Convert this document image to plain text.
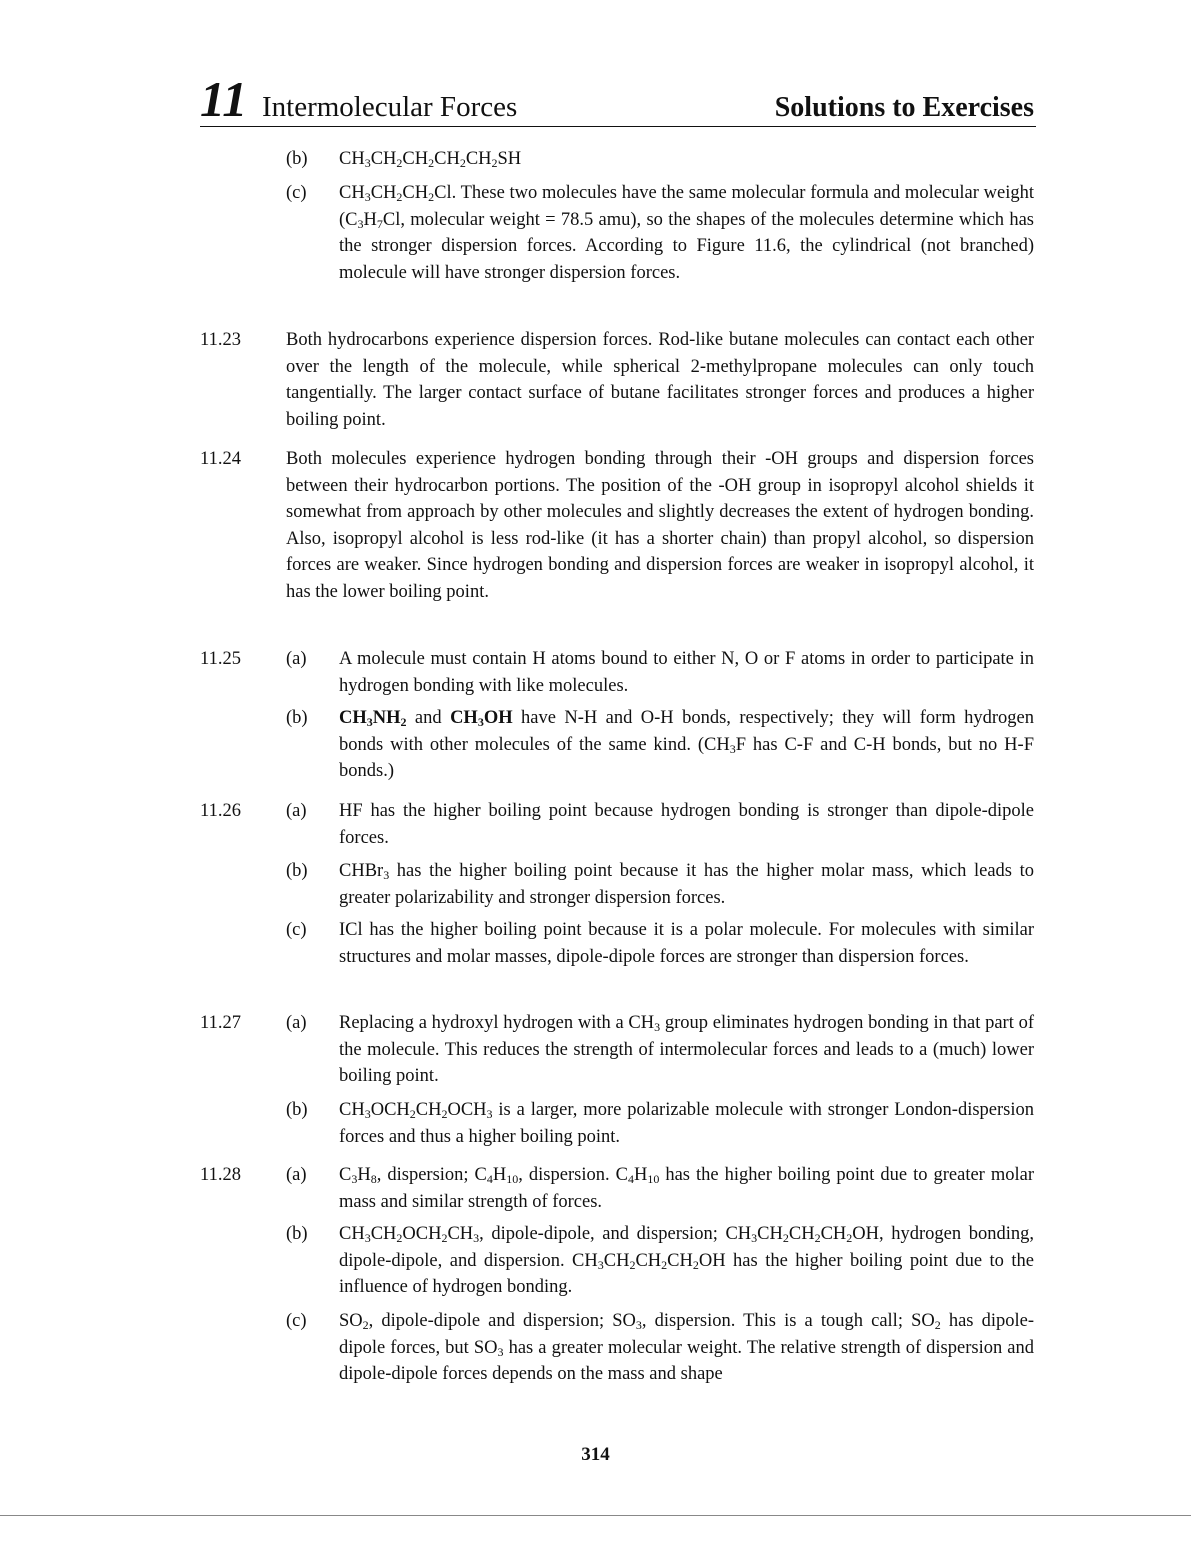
11 Intermolecular Forces	Solutions to Exercises
(b) $CH_3CH_2CH_2CH_2CH_2SH$
(c) $CH_3CH_2CH_2Cl$. These two molecules have the same molecular formula and molecular weight ($C_3H_7Cl$, molecular weight = 78.5 amu), so the shapes of the molecules determine which has the stronger dispersion forces. According to Figure 11.6, the cylindrical (not branched) molecule will have stronger dispersion forces.
11.23 Both hydrocarbons experience dispersion forces. Rod-like butane molecules can contact each other over the length of the molecule, while spherical 2-methylpropane molecules can only touch tangentially. The larger contact surface of butane facilitates stronger forces and produces a higher boiling point.
11.24 Both molecules experience hydrogen bonding through their -OH groups and dispersion forces between their hydrocarbon portions. The position of the -OH group in isopropyl alcohol shields it somewhat from approach by other molecules and slightly decreases the extent of hydrogen bonding. Also, isopropyl alcohol is less rod-like (it has a shorter chain) than propyl alcohol, so dispersion forces are weaker. Since hydrogen bonding and dispersion forces are weaker in isopropyl alcohol, it has the lower boiling point.
11.25 (a) A molecule must contain H atoms bound to either N, O or F atoms in order to participate in hydrogen bonding with like molecules.
(b) $CH_3NH_2$ and $CH_3OH$ have N-H and O-H bonds, respectively; they will form hydrogen bonds with other molecules of the same kind. ($CH_3F$ has C-F and C-H bonds, but no H-F bonds.)
11.26 (a) HF has the higher boiling point because hydrogen bonding is stronger than dipole-dipole forces.
(b) CHBr$_3$ has the higher boiling point because it has the higher molar mass, which leads to greater polarizability and stronger dispersion forces.
(c) ICl has the higher boiling point because it is a polar molecule. For molecules with similar structures and molar masses, dipole-dipole forces are stronger than dispersion forces.
11.27 (a) Replacing a hydroxyl hydrogen with a $CH_3$ group eliminates hydrogen bonding in that part of the molecule. This reduces the strength of intermolecular forces and leads to a (much) lower boiling point.
(b) $CH_3OCH_2CH_2OCH_3$ is a larger, more polarizable molecule with stronger London-dispersion forces and thus a higher boiling point.
11.28 (a) $C_3H_8$, dispersion; $C_4H_{10}$, dispersion. $C_4H_{10}$ has the higher boiling point due to greater molar mass and similar strength of forces.
(b) $CH_3CH_2OCH_2CH_3$, dipole-dipole, and dispersion; $CH_3CH_2CH_2CH_2OH$, hydrogen bonding, dipole-dipole, and dispersion. $CH_3CH_2CH_2CH_2OH$ has the higher boiling point due to the influence of hydrogen bonding.
(c) $SO_2$, dipole-dipole and dispersion; $SO_3$, dispersion. This is a tough call; $SO_2$ has dipole-dipole forces, but $SO_3$ has a greater molecular weight. The relative strength of dispersion and dipole-dipole forces depends on the mass and shape
314
